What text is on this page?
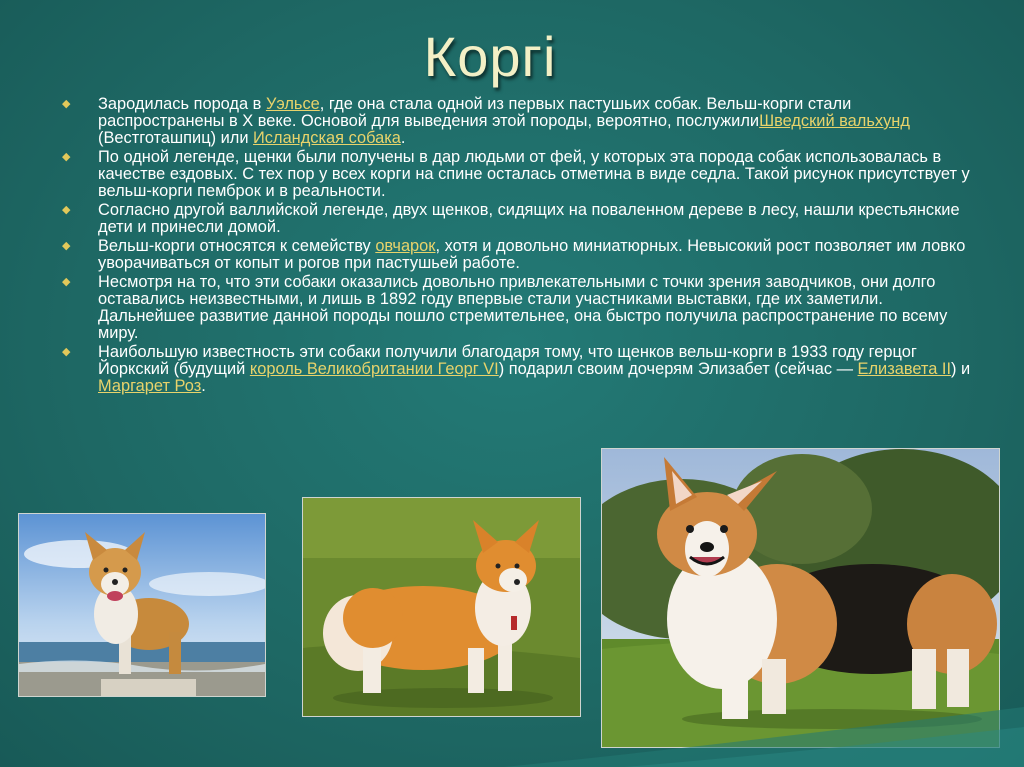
Коргі
◆ Зародилась порода в Уэльсе, где она стала одной из первых пастушьих собак. Вельш-корги стали распространены в X веке. Основой для выведения этой породы, вероятно, послужилиШведский вальхунд (Вестготашпиц) или Исландская собака.
◆ По одной легенде, щенки были получены в дар людьми от фей, у которых эта порода собак использовалась в качестве ездовых. С тех пор у всех корги на спине осталась отметина в виде седла. Такой рисунок присутствует у вельш-корги пемброк и в реальности.
◆ Согласно другой валлийской легенде, двух щенков, сидящих на поваленном дереве в лесу, нашли крестьянские дети и принесли домой.
◆ Вельш-корги относятся к семейству овчарок, хотя и довольно миниатюрных. Невысокий рост позволяет им ловко уворачиваться от копыт и рогов при пастушьей работе.
◆ Несмотря на то, что эти собаки оказались довольно привлекательными с точки зрения заводчиков, они долго оставались неизвестными, и лишь в 1892 году впервые стали участниками выставки, где их заметили. Дальнейшее развитие данной породы пошло стремительнее, она быстро получила распространение по всему миру.
◆ Наибольшую известность эти собаки получили благодаря тому, что щенков вельш-корги в 1933 году герцог Йоркский (будущий король Великобритании Георг VI) подарил своим дочерям Элизабет (сейчас — Елизавета II) и Маргарет Роз.
